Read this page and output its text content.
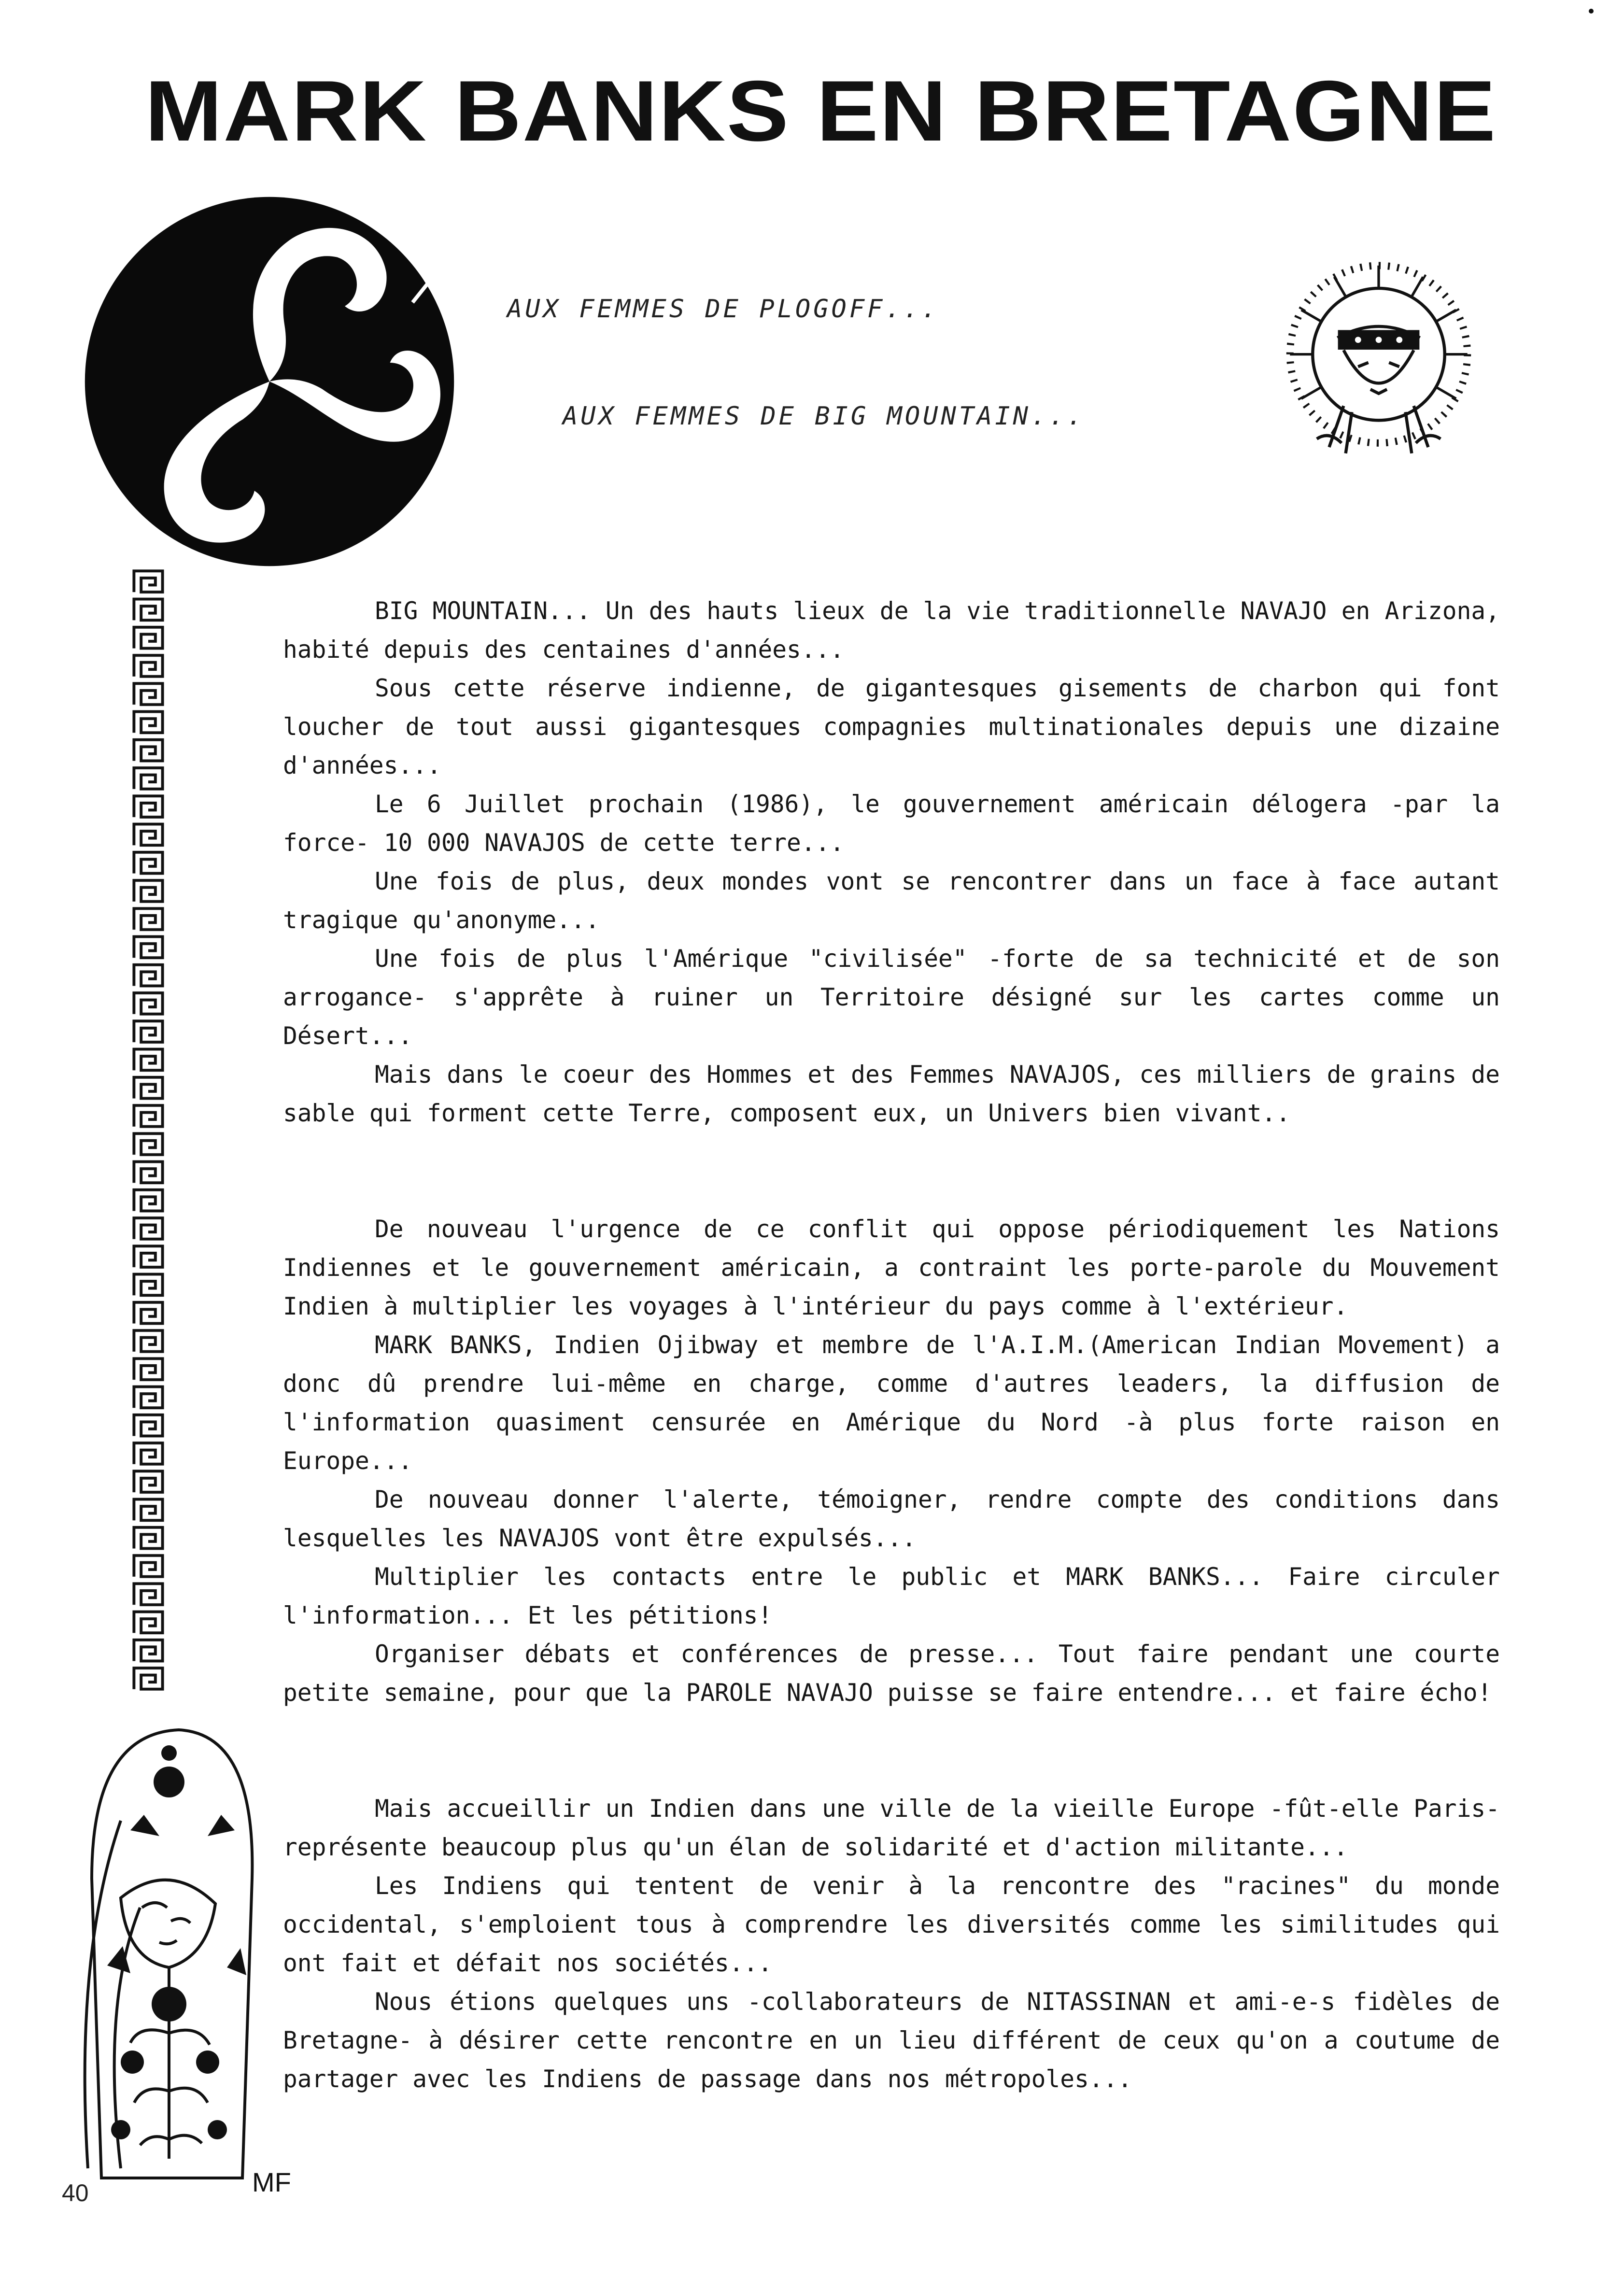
MARK BANKS EN BRETAGNE
AUX FEMMES DE PLOGOFF...
AUX FEMMES DE BIG MOUNTAIN...
MF

BIG MOUNTAIN... Un des hauts lieux de la vie traditionnelle NAVAJO en Arizona, habité depuis des centaines d'années...

Sous cette réserve indienne, de gigantesques gisements de charbon qui font loucher de tout aussi gigantesques compagnies multinationales depuis une dizaine d'années...

Le 6 Juillet prochain (1986), le gouvernement américain délogera -par la force- 10 000 NAVAJOS de cette terre...

Une fois de plus, deux mondes vont se rencontrer dans un face à face autant tragique qu'anonyme...

Une fois de plus l'Amérique "civilisée" -forte de sa technicité et de son arrogance- s'apprête à ruiner un Territoire désigné sur les cartes comme un Désert...

Mais dans le coeur des Hommes et des Femmes NAVAJOS, ces milliers de grains de sable qui forment cette Terre, composent eux, un Univers bien vivant..

De nouveau l'urgence de ce conflit qui oppose périodiquement les Nations Indiennes et le gouvernement américain, a contraint les porte-parole du Mouvement Indien à multiplier les voyages à l'intérieur du pays comme à l'extérieur.

MARK BANKS, Indien Ojibway et membre de l'A.I.M.(American Indian Movement) a donc dû prendre lui-même en charge, comme d'autres leaders, la diffusion de l'information quasiment censurée en Amérique du Nord -à plus forte raison en Europe...

De nouveau donner l'alerte, témoigner, rendre compte des conditions dans lesquelles les NAVAJOS vont être expulsés...

Multiplier les contacts entre le public et MARK BANKS... Faire circuler l'information... Et les pétitions!

Organiser débats et conférences de presse... Tout faire pendant une courte petite semaine, pour que la PAROLE NAVAJO puisse se faire entendre... et faire écho!

Mais accueillir un Indien dans une ville de la vieille Europe -fût-elle Paris- représente beaucoup plus qu'un élan de solidarité et d'action militante...

Les Indiens qui tentent de venir à la rencontre des "racines" du monde occidental, s'emploient tous à comprendre les diversités comme les similitudes qui ont fait et défait nos sociétés...

Nous étions quelques uns -collaborateurs de NITASSINAN et ami-e-s fidèles de Bretagne- à désirer cette rencontre en un lieu différent de ceux qu'on a coutume de partager avec les Indiens de passage dans nos métropoles...

40
